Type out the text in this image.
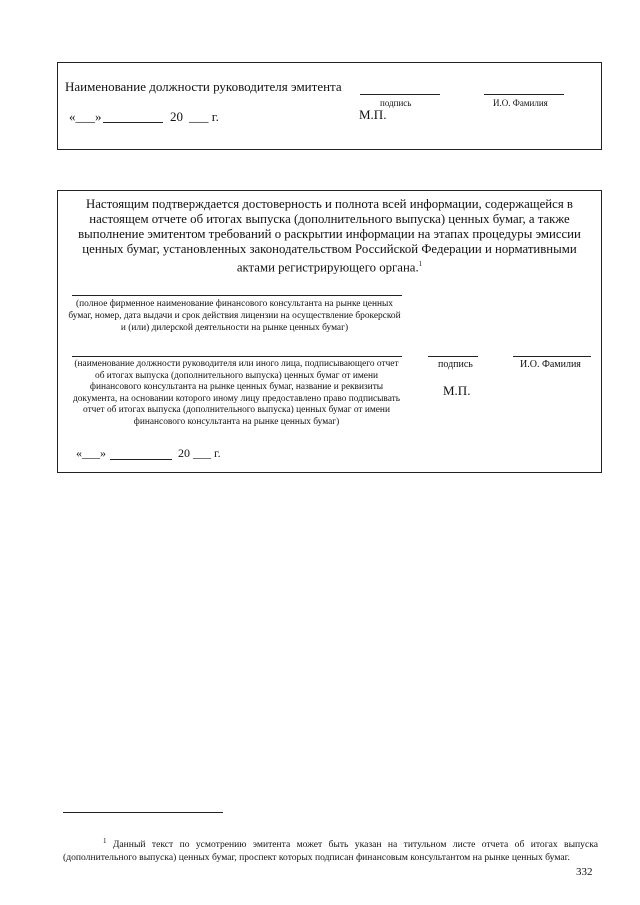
Наименование должности руководителя эмитента
подпись	И.О. Фамилия
«___»	20 ___ г.	М.П.
Настоящим подтверждается достоверность и полнота всей информации, содержащейся в настоящем отчете об итогах выпуска (дополнительного выпуска) ценных бумаг, а также выполнение эмитентом требований о раскрытии информации на этапах процедуры эмиссии ценных бумаг, установленных законодательством Российской Федерации и нормативными актами регистрирующего органа.$^1$
(полное фирменное наименование финансового консультанта на рынке ценных бумаг, номер, дата выдачи и срок действия лицензии на осуществление брокерской и (или) дилерской деятельности на рынке ценных бумаг)
(наименование должности руководителя или иного лица, подписывающего отчет об итогах выпуска (дополнительного выпуска) ценных бумаг от имени финансового консультанта на рынке ценных бумаг, название и реквизиты документа, на основании которого иному лицу предоставлено право подписывать отчет об итогах выпуска (дополнительного выпуска) ценных бумаг от имени финансового консультанта на рынке ценных бумаг)
подпись	И.О. Фамилия
М.П.
«___»	20 ___ г.

$^1$ Данный текст по усмотрению эмитента может быть указан на титульном листе отчета об итогах выпуска (дополнительного выпуска) ценных бумаг, проспект которых подписан финансовым консультантом на рынке ценных бумаг.

332
